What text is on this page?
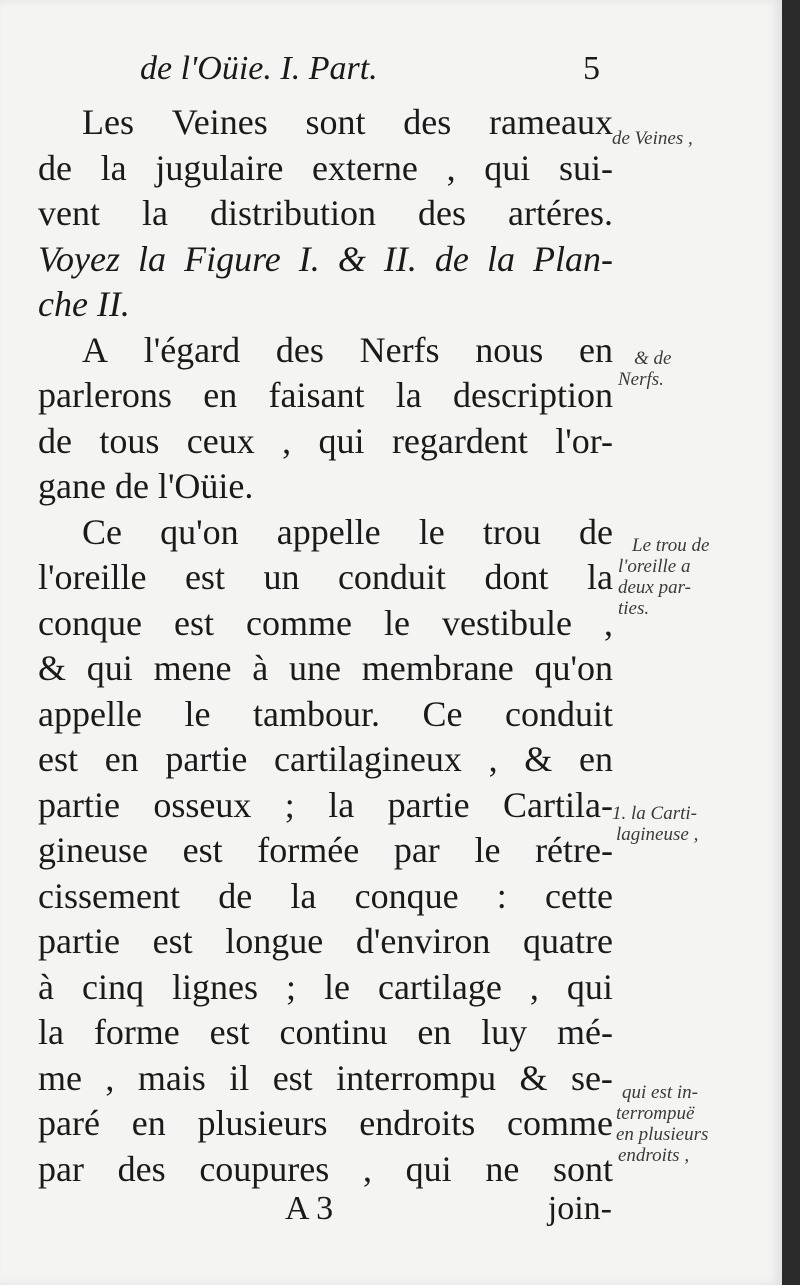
de l'Oüie. I. Part.	5
Les Veines sont des rameaux
de la jugulaire externe , qui sui-
vent la distribution des artéres.
Voyez la Figure I. & II. de la Plan-
che II.
A l'égard des Nerfs nous en
parlerons en faisant la description
de tous ceux , qui regardent l'or-
gane de l'Oüie.
Ce qu'on appelle le trou de
l'oreille est un conduit dont la
conque est comme le vestibule ,
& qui mene à une membrane qu'on
appelle le tambour. Ce conduit
est en partie cartilagineux , & en
partie osseux ; la partie Cartila-
gineuse est formée par le rétre-
cissement de la conque : cette
partie est longue d'environ quatre
à cinq lignes ; le cartilage , qui
la forme est continu en luy mé-
me , mais il est interrompu & se-
paré en plusieurs endroits comme
par des coupures , qui ne sont
de Veines ,
& de
Nerfs.
Le trou de
l'oreille a
deux par-
ties.
1. la Carti-
lagineuse ,
qui est in-
terrompuë
en plusieurs
endroits ,
A 3	join-
